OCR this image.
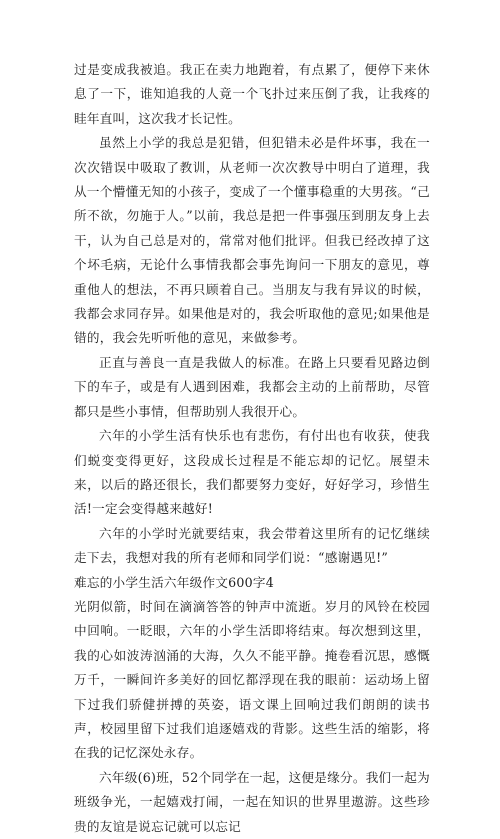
过是变成我被追。我正在卖力地跑着，有点累了，便停下来休息了一下，谁知追我的人竟一个飞扑过来压倒了我，让我疼的眭年直叫，这次我才长记性。

虽然上小学的我总是犯错，但犯错未必是件坏事，我在一次次错误中吸取了教训，从老师一次次教导中明白了道理，我从一个懵懂无知的小孩子，变成了一个懂事稳重的大男孩。“己所不欲，勿施于人。”以前，我总是把一件事强压到朋友身上去干，认为自己总是对的，常常对他们批评。但我已经改掉了这个坏毛病，无论什么事情我都会事先询问一下朋友的意见，尊重他人的想法，不再只顾着自己。当朋友与我有异议的时候，我都会求同存异。如果他是对的，我会听取他的意见;如果他是错的，我会先听听他的意见，来做参考。

正直与善良一直是我做人的标准。在路上只要看见路边倒下的车子，或是有人遇到困难，我都会主动的上前帮助，尽管都只是些小事情，但帮助别人我很开心。

六年的小学生活有快乐也有悲伤，有付出也有收获，使我们蜕变变得更好，这段成长过程是不能忘却的记忆。展望未来，以后的路还很长，我们都要努力变好，好好学习，珍惜生活!一定会变得越来越好!

六年的小学时光就要结束，我会带着这里所有的记忆继续走下去，我想对我的所有老师和同学们说：“感谢遇见!”

难忘的小学生活六年级作文600字4

光阴似箭，时间在滴滴答答的钟声中流逝。岁月的风铃在校园中回响。一眨眼，六年的小学生活即将结束。每次想到这里，我的心如波涛汹涌的大海，久久不能平静。掩卷看沉思，感慨万千，一瞬间许多美好的回忆都浮现在我的眼前：运动场上留下过我们骄健拼搏的英姿，语文课上回响过我们朗朗的读书声，校园里留下过我们追逐嬉戏的背影。这些生活的缩影，将在我的记忆深处永存。

六年级(6)班，52个同学在一起，这便是缘分。我们一起为班级争光，一起嬉戏打闹，一起在知识的世界里遨游。这些珍贵的友谊是说忘记就可以忘记
